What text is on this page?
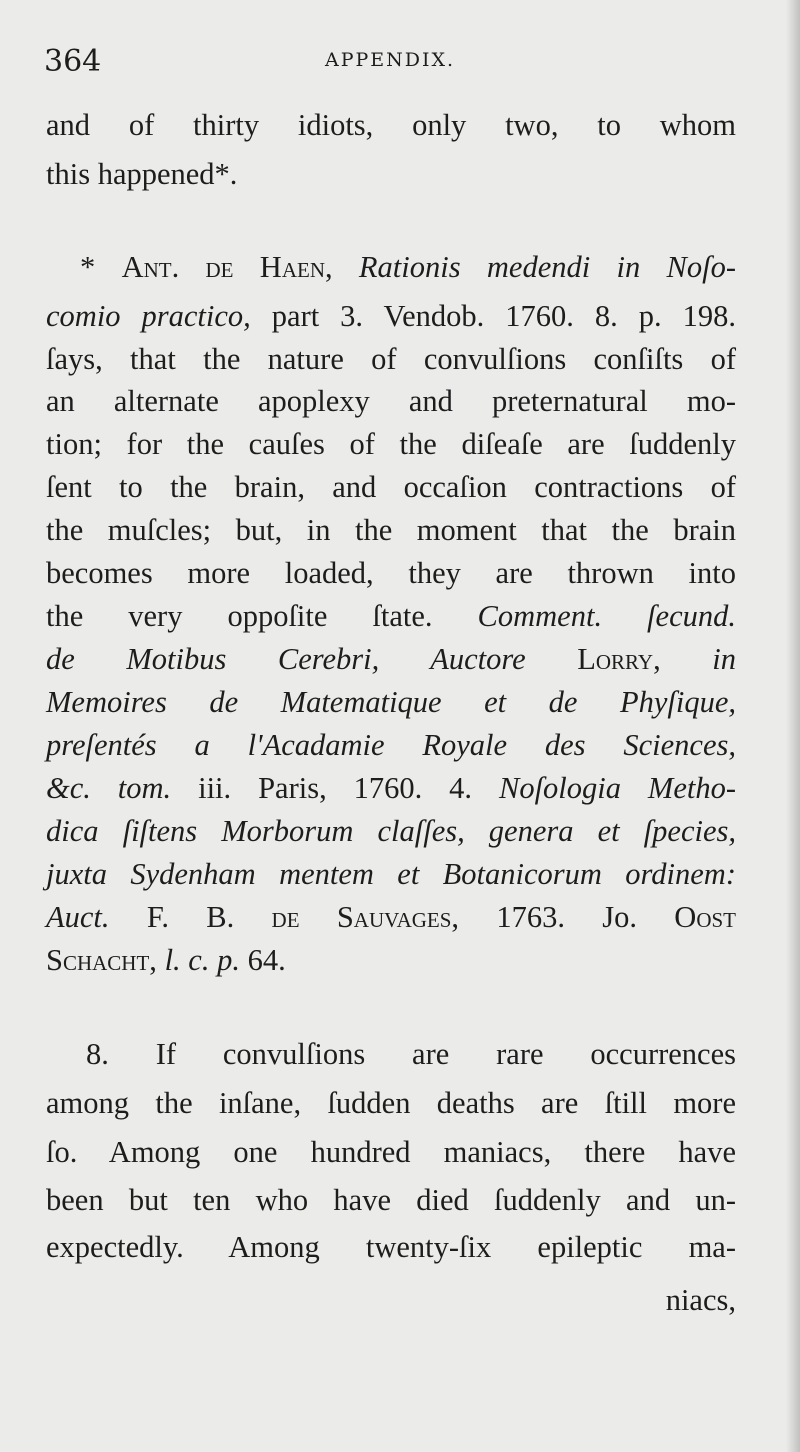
364	APPENDIX.
and of thirty idiots, only two, to whom
this happened*.
* Ant. de Haen, Rationis medendi in Noſo-
comio practico, part 3. Vendob. 1760. 8. p. 198.
ſays, that the nature of convulſions conſiſts of
an alternate apoplexy and preternatural mo-
tion; for the cauſes of the diſeaſe are ſuddenly
ſent to the brain, and occaſion contractions of
the muſcles; but, in the moment that the brain
becomes more loaded, they are thrown into
the very oppoſite ſtate. Comment. ſecund.
de Motibus Cerebri, Auctore Lorry, in
Memoires de Matematique et de Phyſique,
preſentés a l'Acadamie Royale des Sciences,
&c. tom. iii. Paris, 1760. 4. Noſologia Metho-
dica ſiſtens Morborum claſſes, genera et ſpecies,
juxta Sydenham mentem et Botanicorum ordinem:
Auct. F. B. de Sauvages, 1763. Jo. Oost
Schacht, l. c. p. 64.
8. If convulſions are rare occurrences
among the inſane, ſudden deaths are ſtill more
ſo. Among one hundred maniacs, there have
been but ten who have died ſuddenly and un-
expectedly. Among twenty-ſix epileptic ma-
niacs,
